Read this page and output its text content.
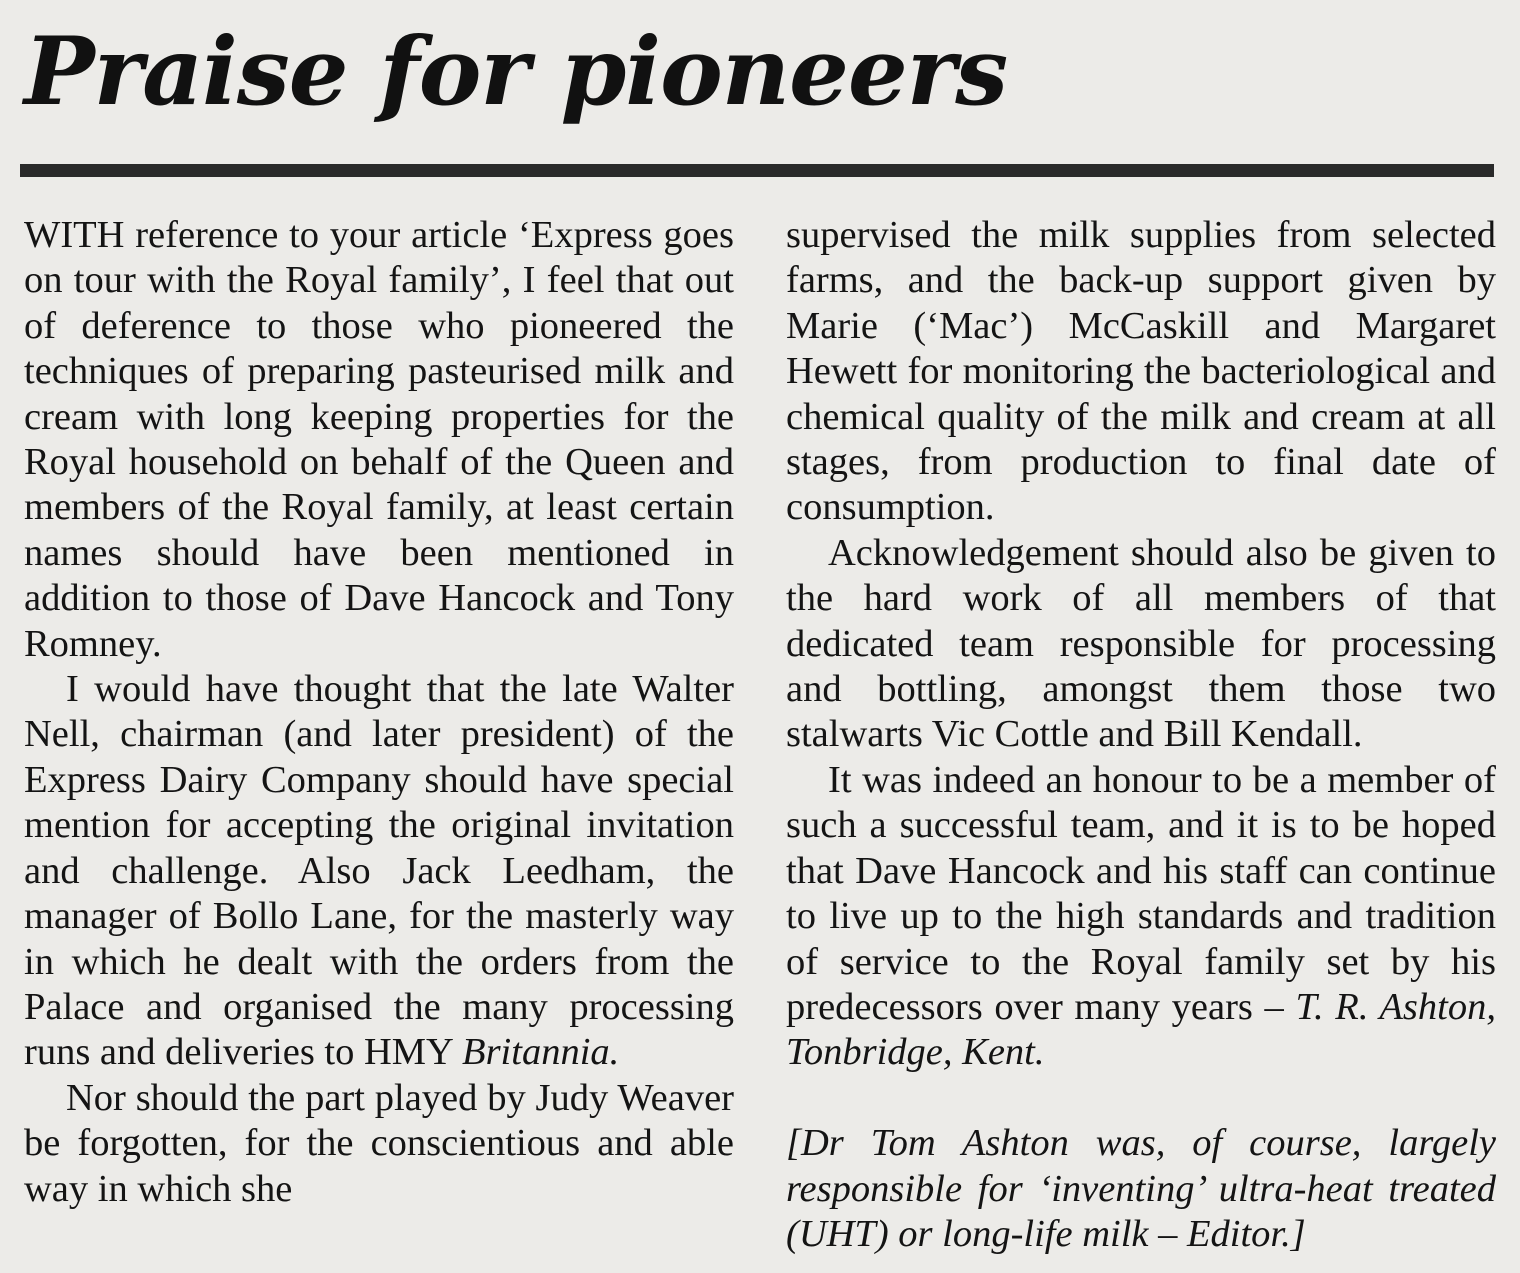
Praise for pioneers

WITH reference to your article ‘Express goes on tour with the Royal family’, I feel that out of deference to those who pioneered the techniques of preparing pasteurised milk and cream with long keeping properties for the Royal household on behalf of the Queen and members of the Royal family, at least certain names should have been mentioned in addition to those of Dave Hancock and Tony Romney.

I would have thought that the late Walter Nell, chairman (and later president) of the Express Dairy Company should have special mention for accepting the original invitation and challenge. Also Jack Leedham, the manager of Bollo Lane, for the masterly way in which he dealt with the orders from the Palace and organised the many processing runs and deliveries to HMY Britannia.

Nor should the part played by Judy Weaver be forgotten, for the conscientious and able way in which she

supervised the milk supplies from selected farms, and the back-up support given by Marie (‘Mac’) McCaskill and Margaret Hewett for monitoring the bacteriological and chemical quality of the milk and cream at all stages, from production to final date of consumption.

Acknowledgement should also be given to the hard work of all members of that dedicated team responsible for processing and bottling, amongst them those two stalwarts Vic Cottle and Bill Kendall.

It was indeed an honour to be a member of such a successful team, and it is to be hoped that Dave Hancock and his staff can continue to live up to the high standards and tradition of service to the Royal family set by his predecessors over many years – T. R. Ashton, Tonbridge, Kent.

[Dr Tom Ashton was, of course, largely responsible for ‘inventing’ ultra-heat treated (UHT) or long-life milk – Editor.]
